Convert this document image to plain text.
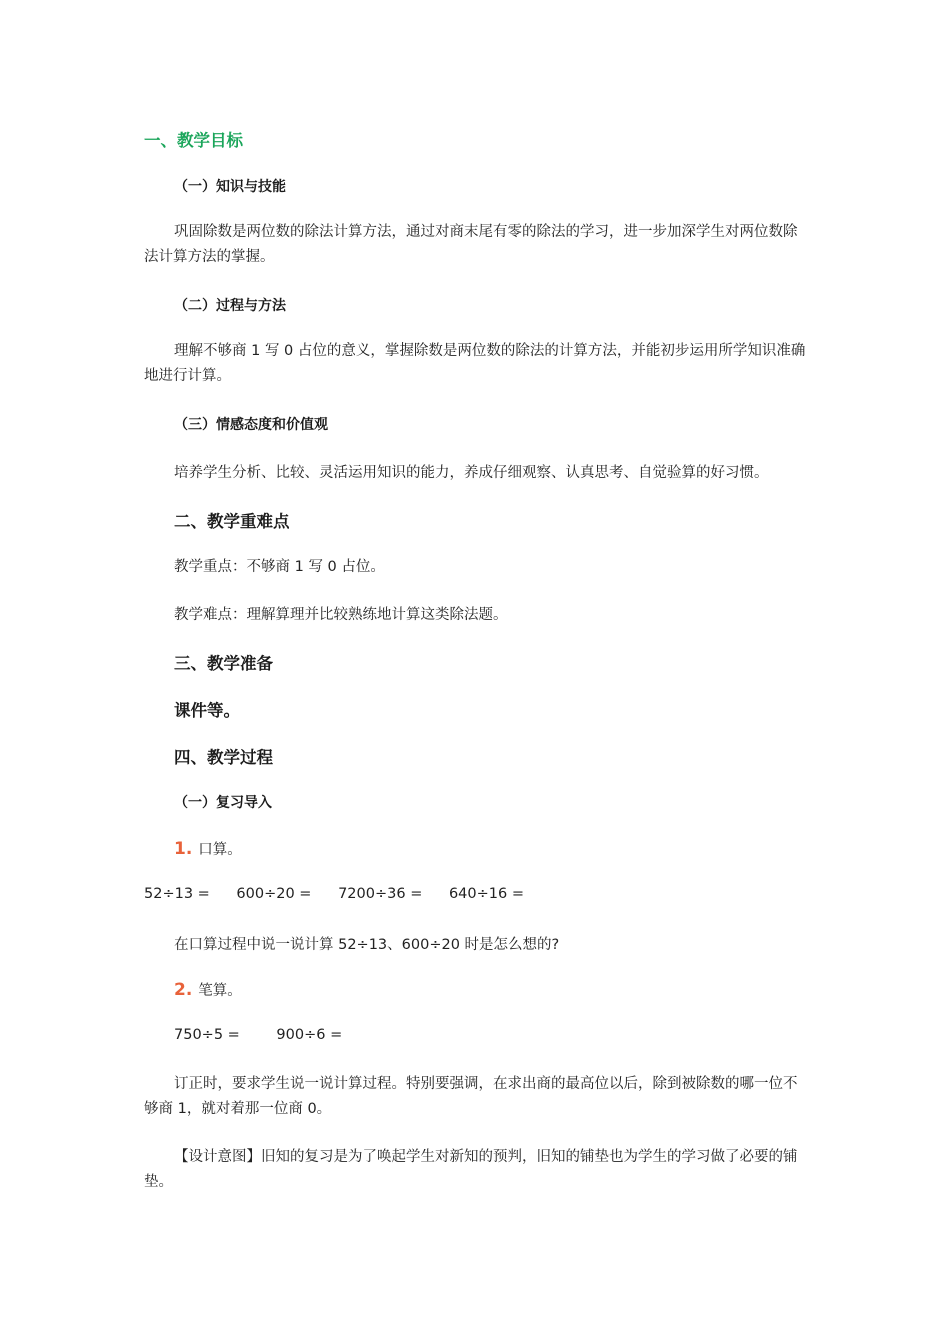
一、教学目标
（一）知识与技能
巩固除数是两位数的除法计算方法，通过对商末尾有零的除法的学习，进一步加深学生对两位数除法计算方法的掌握。
（二）过程与方法
理解不够商 1 写 0 占位的意义，掌握除数是两位数的除法的计算方法，并能初步运用所学知识准确地进行计算。
（三）情感态度和价值观
培养学生分析、比较、灵活运用知识的能力，养成仔细观察、认真思考、自觉验算的好习惯。
二、教学重难点
教学重点：不够商 1 写 0 占位。
教学难点：理解算理并比较熟练地计算这类除法题。
三、教学准备
课件等。
四、教学过程
（一）复习导入
1. 口算。
52÷13 = 600÷20 = 7200÷36 = 640÷16 =
在口算过程中说一说计算 52÷13、600÷20 时是怎么想的?
2. 笔算。
750÷5 =	900÷6 =
订正时，要求学生说一说计算过程。特别要强调，在求出商的最高位以后，除到被除数的哪一位不够商 1，就对着那一位商 0。
【设计意图】旧知的复习是为了唤起学生对新知的预判，旧知的铺垫也为学生的学习做了必要的铺垫。
